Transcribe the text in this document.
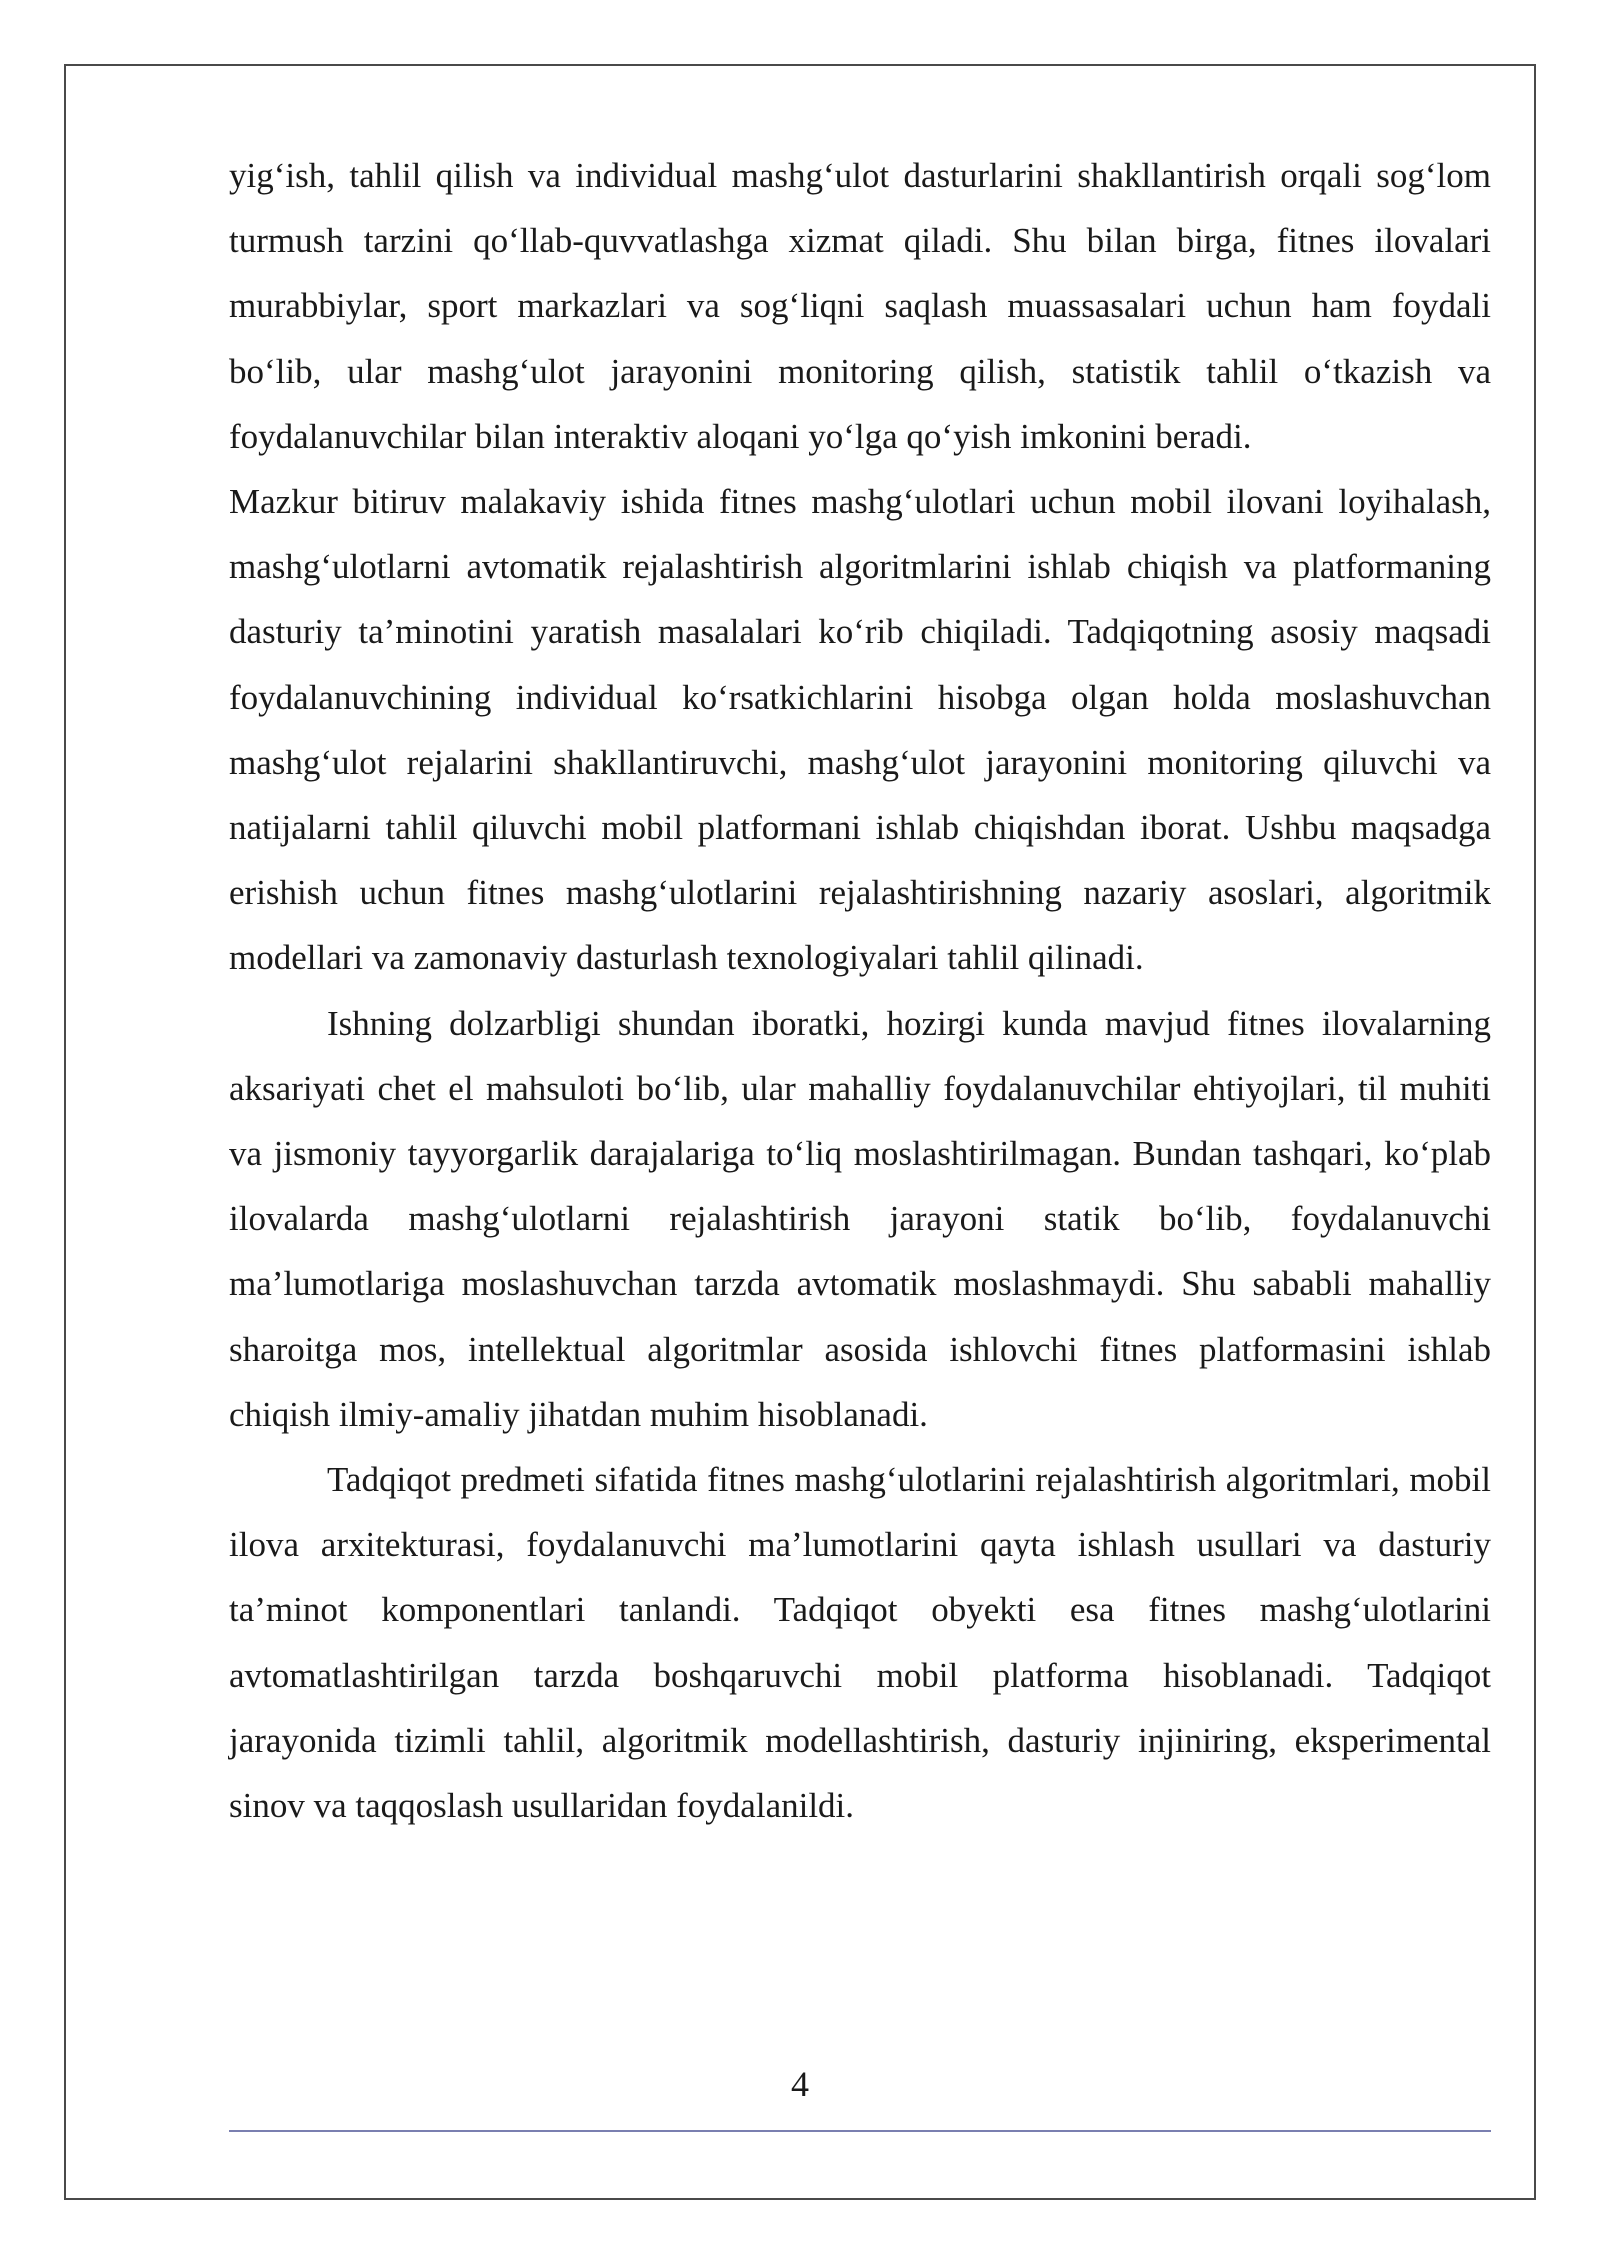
yig‘ish, tahlil qilish va individual mashg‘ulot dasturlarini shakllantirish orqali sog‘lom turmush tarzini qo‘llab-quvvatlashga xizmat qiladi. Shu bilan birga, fitnes ilovalari murabbiylar, sport markazlari va sog‘liqni saqlash muassasalari uchun ham foydali bo‘lib, ular mashg‘ulot jarayonini monitoring qilish, statistik tahlil o‘tkazish va foydalanuvchilar bilan interaktiv aloqani yo‘lga qo‘yish imkonini beradi.

Mazkur bitiruv malakaviy ishida fitnes mashg‘ulotlari uchun mobil ilovani loyihalash, mashg‘ulotlarni avtomatik rejalashtirish algoritmlarini ishlab chiqish va platformaning dasturiy ta’minotini yaratish masalalari ko‘rib chiqiladi. Tadqiqotning asosiy maqsadi foydalanuvchining individual ko‘rsatkichlarini hisobga olgan holda moslashuvchan mashg‘ulot rejalarini shakllantiruvchi, mashg‘ulot jarayonini monitoring qiluvchi va natijalarni tahlil qiluvchi mobil platformani ishlab chiqishdan iborat. Ushbu maqsadga erishish uchun fitnes mashg‘ulotlarini rejalashtirishning nazariy asoslari, algoritmik modellari va zamonaviy dasturlash texnologiyalari tahlil qilinadi.

Ishning dolzarbligi shundan iboratki, hozirgi kunda mavjud fitnes ilovalarning aksariyati chet el mahsuloti bo‘lib, ular mahalliy foydalanuvchilar ehtiyojlari, til muhiti va jismoniy tayyorgarlik darajalariga to‘liq moslashtirilmagan. Bundan tashqari, ko‘plab ilovalarda mashg‘ulotlarni rejalashtirish jarayoni statik bo‘lib, foydalanuvchi ma’lumotlariga moslashuvchan tarzda avtomatik moslashmaydi. Shu sababli mahalliy sharoitga mos, intellektual algoritmlar asosida ishlovchi fitnes platformasini ishlab chiqish ilmiy-amaliy jihatdan muhim hisoblanadi.

Tadqiqot predmeti sifatida fitnes mashg‘ulotlarini rejalashtirish algoritmlari, mobil ilova arxitekturasi, foydalanuvchi ma’lumotlarini qayta ishlash usullari va dasturiy ta’minot komponentlari tanlandi. Tadqiqot obyekti esa fitnes mashg‘ulotlarini avtomatlashtirilgan tarzda boshqaruvchi mobil platforma hisoblanadi. Tadqiqot jarayonida tizimli tahlil, algoritmik modellashtirish, dasturiy injiniring, eksperimental sinov va taqqoslash usullaridan foydalanildi.

4
